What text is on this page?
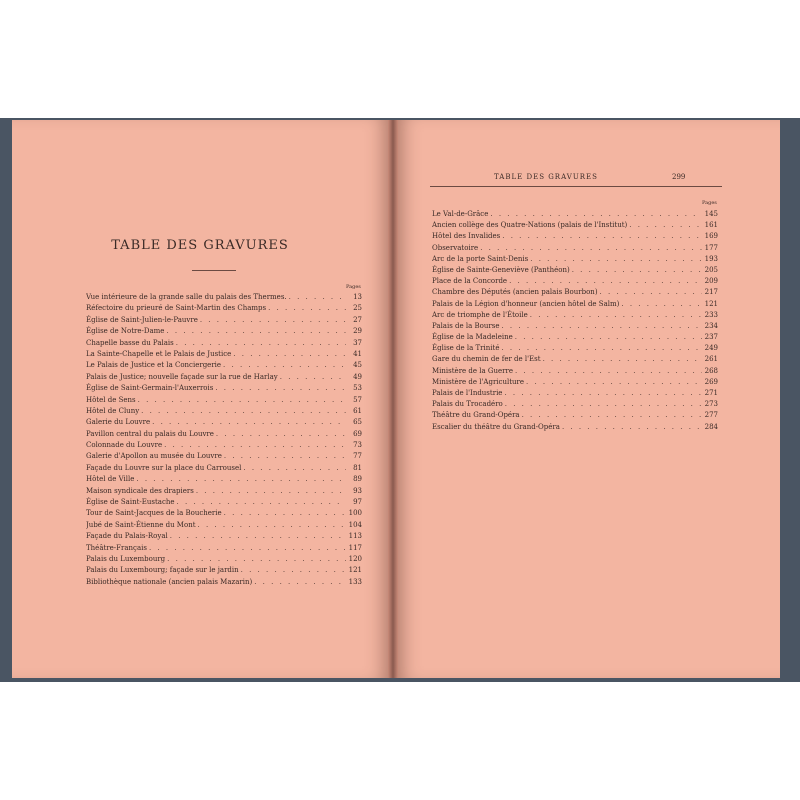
TABLE DES GRAVURES
Pages
Vue intérieure de la grande salle du palais des Thermes. . . .	13
Réfectoire du prieuré de Saint-Martin des Champs . . .	25
Église de Saint-Julien-le-Pauvre . . .	27
Église de Notre-Dame . . .	29
Chapelle basse du Palais . . .	37
La Sainte-Chapelle et le Palais de Justice . . .	41
Le Palais de Justice et la Conciergerie . . .	45
Palais de Justice; nouvelle façade sur la rue de Harlay . . .	49
Église de Saint-Germain-l'Auxerrois . . .	53
Hôtel de Sens . . .	57
Hôtel de Cluny . . .	61
Galerie du Louvre . . .	65
Pavillon central du palais du Louvre . . .	69
Colonnade du Louvre . . .	73
Galerie d'Apollon au musée du Louvre . . .	77
Façade du Louvre sur la place du Carrousel . . .	81
Hôtel de Ville . . .	89
Maison syndicale des drapiers . . .	93
Église de Saint-Eustache . . .	97
Tour de Saint-Jacques de la Boucherie . . .	100
Jubé de Saint-Étienne du Mont . . .	104
Façade du Palais-Royal . . .	113
Théâtre-Français . . .	117
Palais du Luxembourg . . .	120
Palais du Luxembourg; façade sur le jardin . . .	121
Bibliothèque nationale (ancien palais Mazarin) . . .	133
TABLE DES GRAVURES	299
Pages
Le Val-de-Grâce . . .	145
Ancien collège des Quatre-Nations (palais de l'Institut) . . .	161
Hôtel des Invalides . . .	169
Observatoire . . .	177
Arc de la porte Saint-Denis . . .	193
Église de Sainte-Geneviève (Panthéon) . . .	205
Place de la Concorde . . .	209
Chambre des Députés (ancien palais Bourbon) . . .	217
Palais de la Légion d'honneur (ancien hôtel de Salm) . . .	121
Arc de triomphe de l'Étoile . . .	233
Palais de la Bourse . . .	234
Église de la Madeleine . . .	237
Église de la Trinité . . .	249
Gare du chemin de fer de l'Est . . .	261
Ministère de la Guerre . . .	268
Ministère de l'Agriculture . . .	269
Palais de l'Industrie . . .	271
Palais du Trocadéro . . .	273
Théâtre du Grand-Opéra . . .	277
Escalier du théâtre du Grand-Opéra . . .	284
